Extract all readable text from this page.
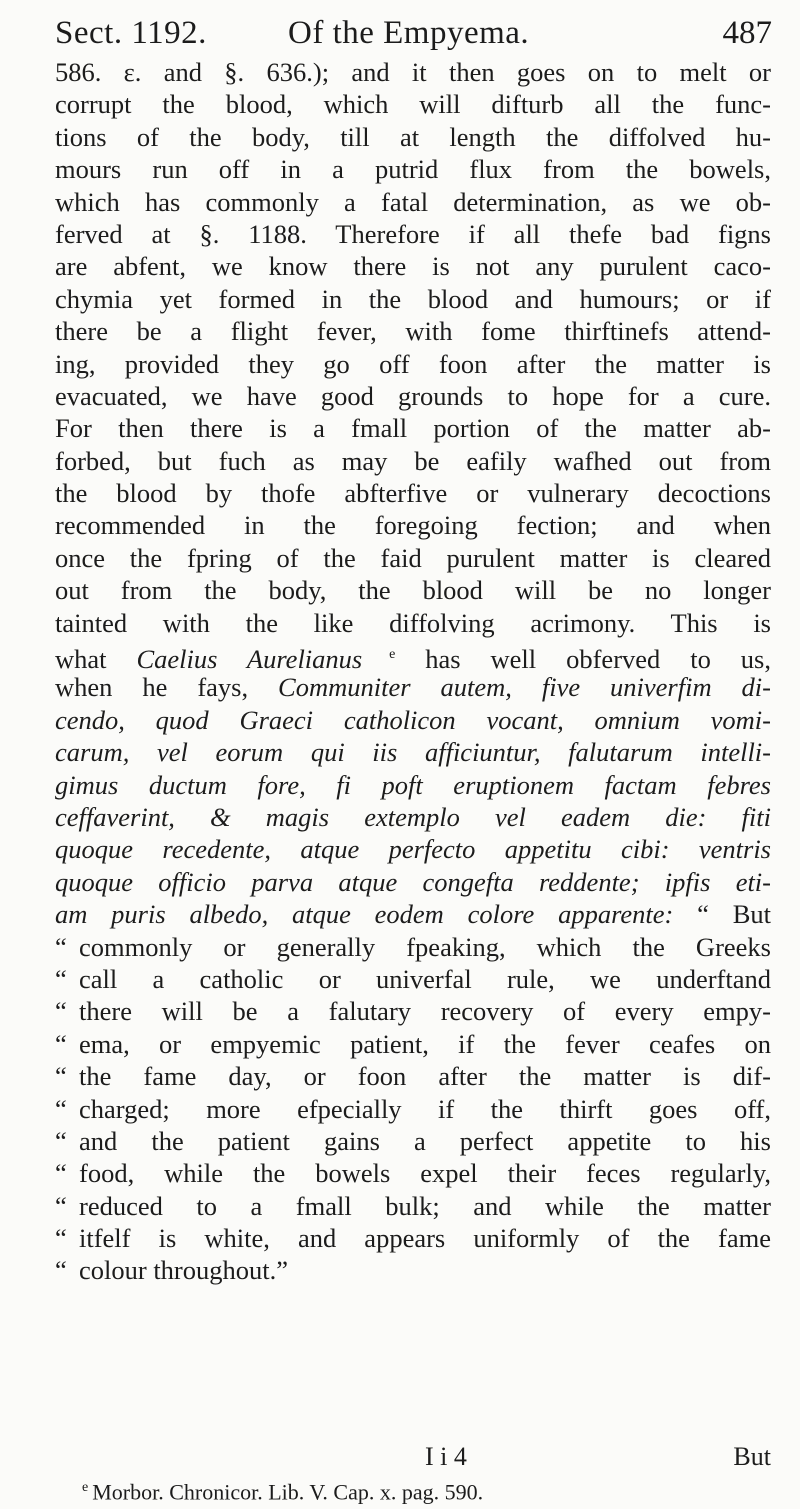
Sect. 1192. Of the Empyema.	487
586. ε. and §. 636.); and it then goes on to melt or
corrupt the blood, which will difturb all the func-
tions of the body, till at length the diffolved hu-
mours run off in a putrid flux from the bowels,
which has commonly a fatal determination, as we ob-
ferved at §. 1188. Therefore if all thefe bad figns
are abfent, we know there is not any purulent caco-
chymia yet formed in the blood and humours; or if
there be a flight fever, with fome thirftinefs attend-
ing, provided they go off foon after the matter is
evacuated, we have good grounds to hope for a cure.
For then there is a fmall portion of the matter ab-
forbed, but fuch as may be eafily wafhed out from
the blood by thofe abfterfive or vulnerary decoctions
recommended in the foregoing fection; and when
once the fpring of the faid purulent matter is cleared
out from the body, the blood will be no longer
tainted with the like diffolving acrimony. This is
what Caelius Aurelianus $^e$ has well obferved to us,
when he fays, Communiter autem, five univerfim di-
cendo, quod Graeci catholicon vocant, omnium vomi-
carum, vel eorum qui iis afficiuntur, falutarum intelli-
gimus ductum fore, fi poft eruptionem factam febres
ceffaverint, & magis extemplo vel eadem die: fiti
quoque recedente, atque perfecto appetitu cibi: ventris
quoque officio parva atque congefta reddente; ipfis eti-
am puris albedo, atque eodem colore apparente: “ But
“ commonly or generally fpeaking, which the Greeks
“ call a catholic or univerfal rule, we underftand
“ there will be a falutary recovery of every empy-
“ ema, or empyemic patient, if the fever ceafes on
“ the fame day, or foon after the matter is dif-
“ charged; more efpecially if the thirft goes off,
“ and the patient gains a perfect appetite to his
“ food, while the bowels expel their feces regularly,
“ reduced to a fmall bulk; and while the matter
“ itfelf is white, and appears uniformly of the fame
“ colour throughout.”
I i 4	But
$^e$ Morbor. Chronicor. Lib. V. Cap. x. pag. 590.
